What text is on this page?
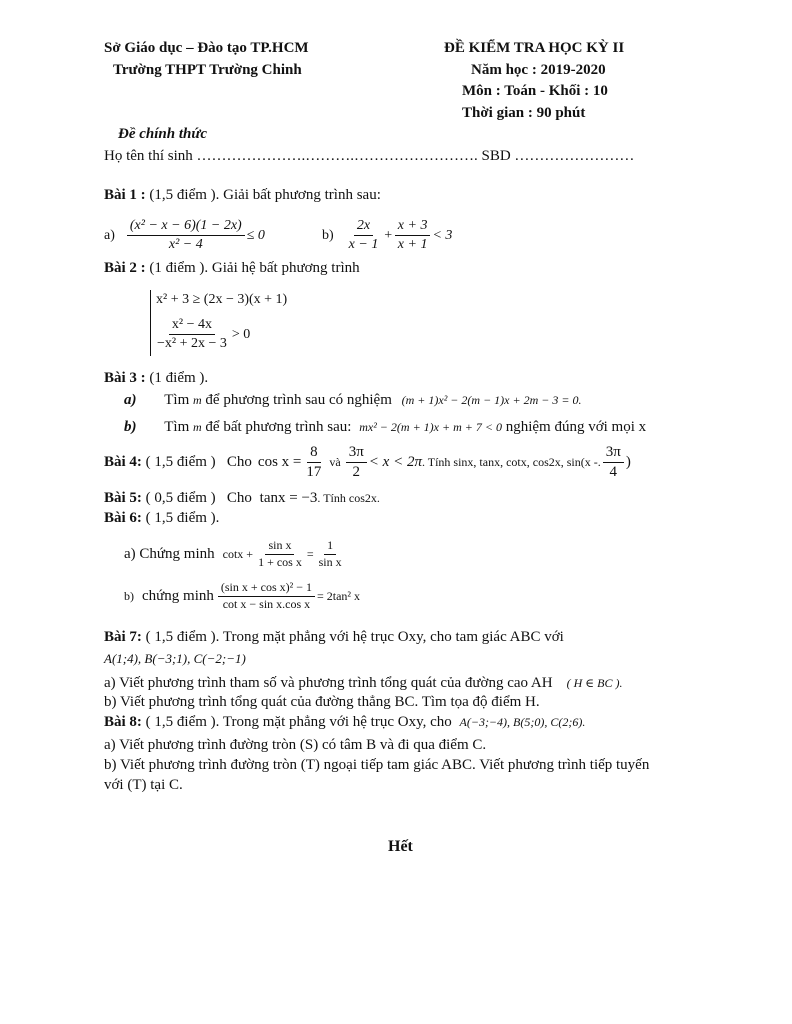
Sở Giáo dục – Đào tạo TP.HCM
Trường THPT Trường Chinh
ĐỀ KIỂM TRA HỌC KỲ II
Năm học : 2019-2020
Môn : Toán - Khối : 10
Thời gian : 90 phút
Đề chính thức
Họ tên thí sinh ………………….……….……………………. SBD ……………………
Bài 1 : (1,5 điểm ). Giải bất phương trình sau:
$a) \frac{\text{(x² − x − 6)(1 − 2x)}}{\text{x² − 4}} \le 0$	$b) \frac{2x}{x - 1} + \frac{x + 3}{x + 1} < 3$
Bài 2 : (1 điểm ). Giải hệ bất phương trình
x² + 3 ≥ (2x − 3)(x + 1)
$\frac{\text{x² − 4x}}{\text{−x² + 2x − 3}} > 0$
Bài 3 : (1 điểm ).
a) Tìm m để phương trình sau có nghiệm (m + 1)x² − 2(m − 1)x + 2m − 3 = 0.
b) Tìm m để bất phương trình sau: mx² − 2(m + 1)x + m + 7 < 0 nghiệm đúng với mọi x
Bài 4: ( 1,5 điểm )   Cho $\cos x = \frac{8}{17}$ và $\frac{3\pi}{2} < x < 2\pi$ . Tính sinx, tanx, cotx, cos2x, sin(x -. $\frac{3\pi}{4}$ )
Bài 5: ( 0,5 điểm )   Cho tanx = −3. Tính cos2x.
Bài 6: ( 1,5 điểm ).
a) Chứng minh $\cot x + \frac{\text{sin x}}{\text{1 + cos x}} = \frac{1}{\text{sin x}}$
b) chứng minh $\frac{\text{(sin x + cos x)² − 1}}{\text{cot x − sin x.cos x}} = 2\tan^2$ x
Bài 7: ( 1,5 điểm ). Trong mặt phẳng với hệ trục Oxy, cho tam giác ABC với
A(1;4), B(−3;1), C(−2;−1)
a) Viết phương trình tham số và phương trình tổng quát của đường cao AH ( H ∈ BC ).
b) Viết phương trình tổng quát của đường thẳng BC. Tìm tọa độ điểm H.
Bài 8: ( 1,5 điểm ). Trong mặt phẳng với hệ trục Oxy, cho A(−3;−4), B(5;0), C(2;6).
a) Viết phương trình đường tròn (S) có tâm B và đi qua điểm C.
b) Viết phương trình đường tròn (T) ngoại tiếp tam giác ABC. Viết phương trình tiếp tuyến
với (T) tại C.
Hết
